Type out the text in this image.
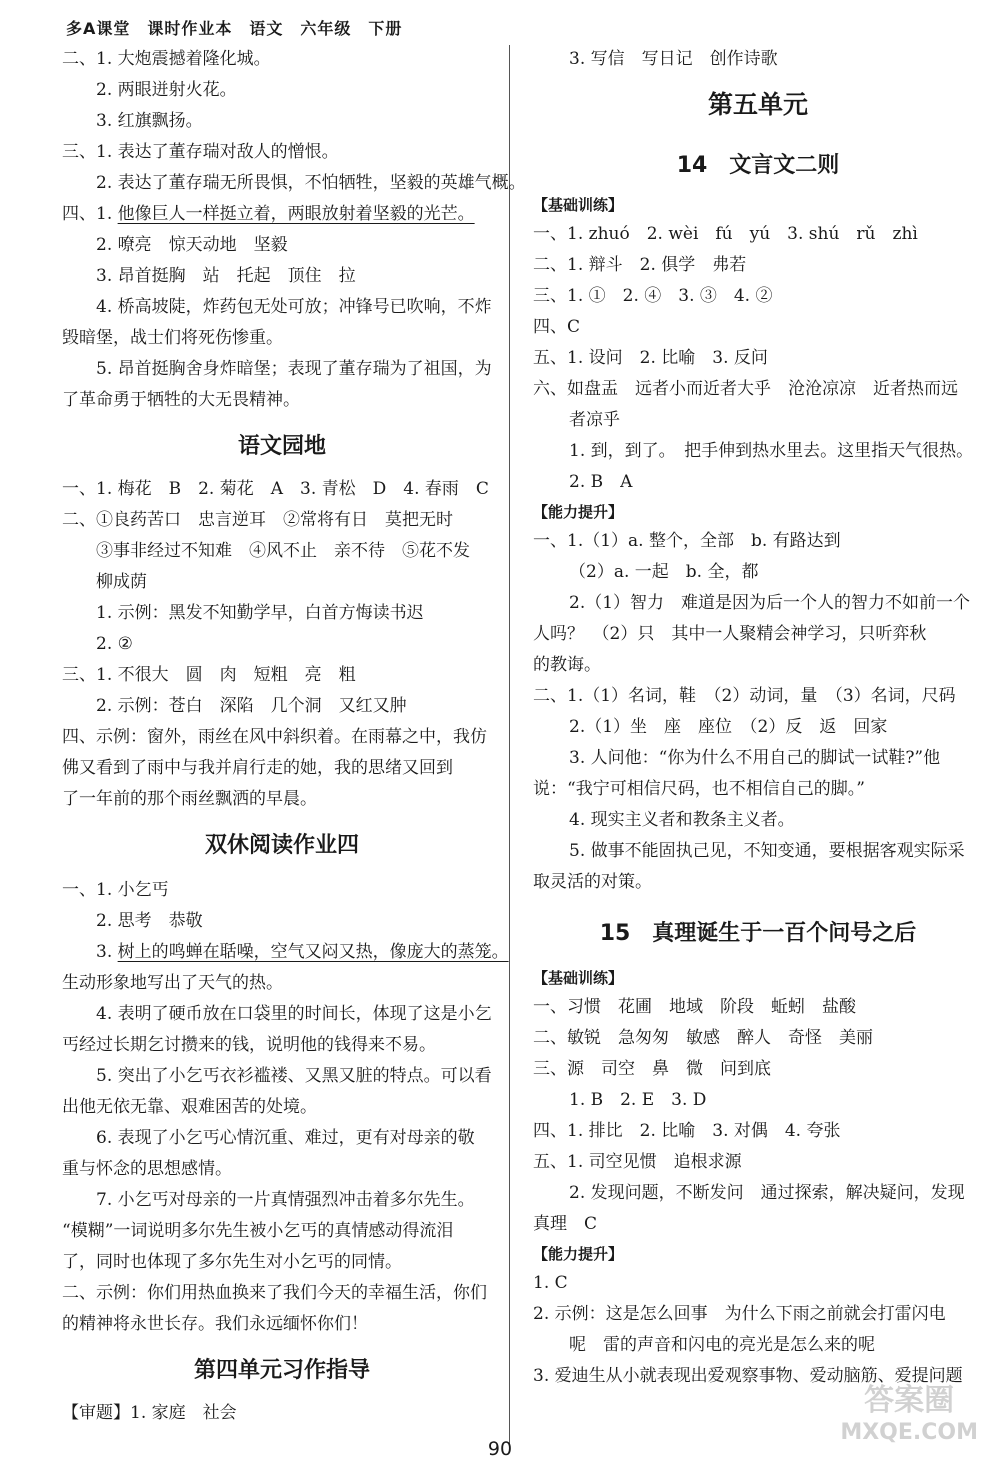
多A课堂　课时作业本　语文　六年级　下册
二、1. 大炮震撼着隆化城。
2. 两眼迸射火花。
3. 红旗飘扬。
三、1. 表达了董存瑞对敌人的憎恨。
2. 表达了董存瑞无所畏惧，不怕牺牲，坚毅的英雄气概。
四、1. 他像巨人一样挺立着，两眼放射着坚毅的光芒。
2. 嘹亮　惊天动地　坚毅
3. 昂首挺胸　站　托起　顶住　拉
4. 桥高坡陡，炸药包无处可放；冲锋号已吹响，不炸
毁暗堡，战士们将死伤惨重。
5. 昂首挺胸舍身炸暗堡；表现了董存瑞为了祖国，为
了革命勇于牺牲的大无畏精神。
语文园地
一、1. 梅花　B　2. 菊花　A　3. 青松　D　4. 春雨　C
二、①良药苦口　忠言逆耳　②常将有日　莫把无时
③事非经过不知难　④风不止　亲不待　⑤花不发
柳成荫
1. 示例：黑发不知勤学早，白首方悔读书迟
2. ②
三、1. 不很大　圆　肉　短粗　亮　粗
2. 示例：苍白　深陷　几个洞　又红又肿
四、示例：窗外，雨丝在风中斜织着。在雨幕之中，我仿
佛又看到了雨中与我并肩行走的她，我的思绪又回到
了一年前的那个雨丝飘洒的早晨。
双休阅读作业四
一、1. 小乞丐
2. 思考　恭敬
3. 树上的鸣蝉在聒噪，空气又闷又热，像庞大的蒸笼。
生动形象地写出了天气的热。
4. 表明了硬币放在口袋里的时间长，体现了这是小乞
丐经过长期乞讨攒来的钱，说明他的钱得来不易。
5. 突出了小乞丐衣衫褴褛、又黑又脏的特点。可以看
出他无依无靠、艰难困苦的处境。
6. 表现了小乞丐心情沉重、难过，更有对母亲的敬
重与怀念的思想感情。
7. 小乞丐对母亲的一片真情强烈冲击着多尔先生。
“模糊”一词说明多尔先生被小乞丐的真情感动得流泪
了，同时也体现了多尔先生对小乞丐的同情。
二、示例：你们用热血换来了我们今天的幸福生活，你们
的精神将永世长存。我们永远缅怀你们！
第四单元习作指导
【审题】1. 家庭　社会
3. 写信　写日记　创作诗歌
第五单元
14　文言文二则
【基础训练】
一、1. zhuó　2. wèi　fú　yú　3. shú　rǔ　zhì
二、1. 辩斗　2. 俱学　弗若
三、1. ①　2. ④　3. ③　4. ②
四、C
五、1. 设问　2. 比喻　3. 反问
六、如盘盂　远者小而近者大乎　沧沧凉凉　近者热而远
者凉乎
1. 到，到了。　把手伸到热水里去。这里指天气很热。
2. B　A
【能力提升】
一、1.（1）a. 整个，全部　b. 有路达到
（2）a. 一起　b. 全，都
2.（1）智力　难道是因为后一个人的智力不如前一个
人吗？　（2）只　其中一人聚精会神学习，只听弈秋
的教诲。
二、1.（1）名词，鞋　（2）动词，量　（3）名词，尺码
2.（1）坐　座　座位　（2）反　返　回家
3. 人问他：“你为什么不用自己的脚试一试鞋?”他
说：“我宁可相信尺码，也不相信自己的脚。”
4. 现实主义者和教条主义者。
5. 做事不能固执己见，不知变通，要根据客观实际采
取灵活的对策。
15　真理诞生于一百个问号之后
【基础训练】
一、习惯　花圃　地域　阶段　蚯蚓　盐酸
二、敏锐　急匆匆　敏感　醉人　奇怪　美丽
三、源　司空　鼻　微　问到底
1. B　2. E　3. D
四、1. 排比　2. 比喻　3. 对偶　4. 夸张
五、1. 司空见惯　追根求源
2. 发现问题，不断发问　通过探索，解决疑问，发现
真理　C
【能力提升】
1. C
2. 示例：这是怎么回事　为什么下雨之前就会打雷闪电
呢　雷的声音和闪电的亮光是怎么来的呢
3. 爱迪生从小就表现出爱观察事物、爱动脑筋、爱提问题
90
答案圈
MXQE.COM
